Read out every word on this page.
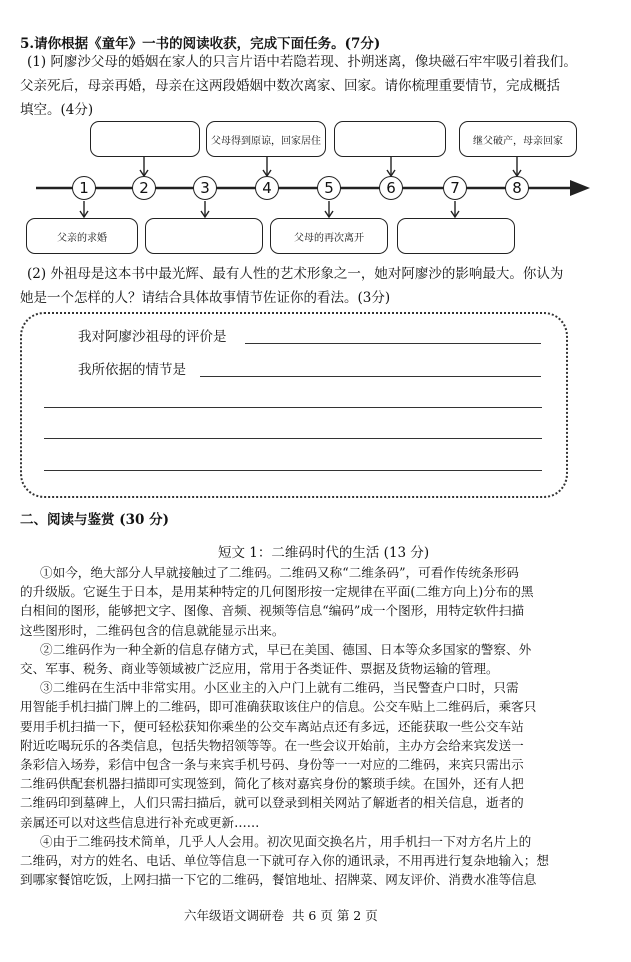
5.请你根据《童年》一书的阅读收获，完成下面任务。(7分)
(1) 阿廖沙父母的婚姻在家人的只言片语中若隐若现、扑朔迷离，像块磁石牢牢吸引着我们。
父亲死后，母亲再婚，母亲在这两段婚姻中数次离家、回家。请你梳理重要情节，完成概括
填空。(4分)
父母得到原谅，回家居住	继父破产，母亲回家
父亲的求婚	父母的再次离开
1	2	3	4	5	6	7	8
(2) 外祖母是这本书中最光辉、最有人性的艺术形象之一，她对阿廖沙的影响最大。你认为
她是一个怎样的人？请结合具体故事情节佐证你的看法。(3分)
我对阿廖沙祖母的评价是
我所依据的情节是
二、阅读与鉴赏 (30 分)
短文 1：二维码时代的生活 (13 分)
①如今，绝大部分人早就接触过了二维码。二维码又称“二维条码”，可看作传统条形码
的升级版。它诞生于日本，是用某种特定的几何图形按一定规律在平面(二维方向上)分布的黑
白相间的图形，能够把文字、图像、音频、视频等信息“编码”成一个图形，用特定软件扫描
这些图形时，二维码包含的信息就能显示出来。
②二维码作为一种全新的信息存储方式，早已在美国、德国、日本等众多国家的警察、外
交、军事、税务、商业等领域被广泛应用，常用于各类证件、票据及货物运输的管理。
③二维码在生活中非常实用。小区业主的入户门上就有二维码，当民警查户口时，只需
用智能手机扫描门牌上的二维码，即可准确获取该住户的信息。公交车贴上二维码后，乘客只
要用手机扫描一下，便可轻松获知你乘坐的公交车离站点还有多远，还能获取一些公交车站
附近吃喝玩乐的各类信息，包括失物招领等等。在一些会议开始前，主办方会给来宾发送一
条彩信入场券，彩信中包含一条与来宾手机号码、身份等一一对应的二维码，来宾只需出示
二维码供配套机器扫描即可实现签到，简化了核对嘉宾身份的繁琐手续。在国外，还有人把
二维码印到墓碑上，人们只需扫描后，就可以登录到相关网站了解逝者的相关信息，逝者的
亲属还可以对这些信息进行补充或更新……
④由于二维码技术简单，几乎人人会用。初次见面交换名片，用手机扫一下对方名片上的
二维码，对方的姓名、电话、单位等信息一下就可存入你的通讯录，不用再进行复杂地输入；想
到哪家餐馆吃饭，上网扫描一下它的二维码，餐馆地址、招牌菜、网友评价、消费水准等信息
六年级语文调研卷  共 6 页 第 2 页
